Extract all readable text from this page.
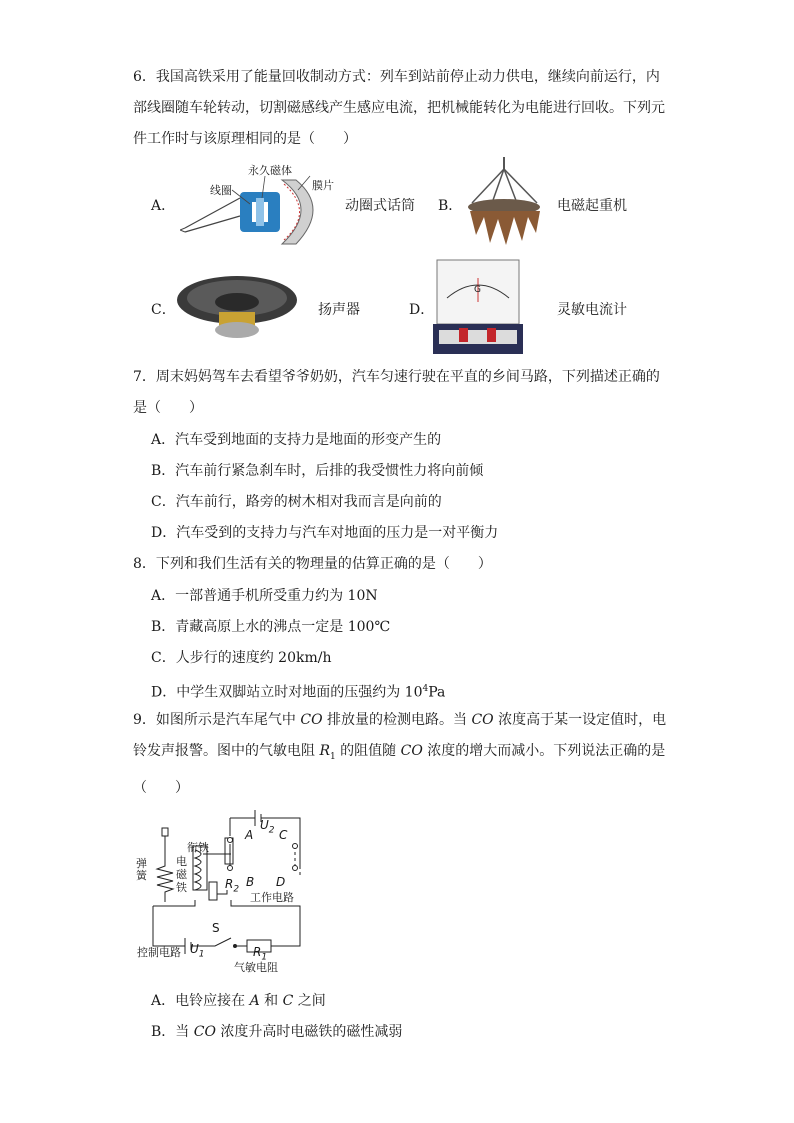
6．我国高铁采用了能量回收制动方式：列车到站前停止动力供电，继续向前运行，内部线圈随车轮转动，切割磁感线产生感应电流，把机械能转化为电能进行回收。下列元件工作时与该原理相同的是（　　）
A．
永久磁体
线圈	膜片
动圈式话筒 B．	电磁起重机
C．	扬声器	D．
G
灵敏电流计
7．周末妈妈驾车去看望爷爷奶奶，汽车匀速行驶在平直的乡间马路，下列描述正确的是（　　）
A．汽车受到地面的支持力是地面的形变产生的
B．汽车前行紧急刹车时，后排的我受惯性力将向前倾
C．汽车前行，路旁的树木相对我而言是向前的
D．汽车受到的支持力与汽车对地面的压力是一对平衡力
8．下列和我们生活有关的物理量的估算正确的是（　　）
A．一部普通手机所受重力约为 10N
B．青藏高原上水的沸点一定是 100℃
C．人步行的速度约 20km/h
D．中学生双脚站立时对地面的压强约为 $10^4Pa$
9．如图所示是汽车尾气中 CO 排放量的检测电路。当 CO 浓度高于某一设定值时，电铃发声报警。图中的气敏电阻 $R_1$ 的阻值随 CO 浓度的增大而减小。下列说法正确的是
（　　）
$U_2$
A C
衔铁
弹簧
电磁铁	$R_2$
B D
工作电路
S
控制电路 $U_1$	$R_1$
气敏电阻
A．电铃应接在 A 和 C 之间
B．当 CO 浓度升高时电磁铁的磁性减弱
